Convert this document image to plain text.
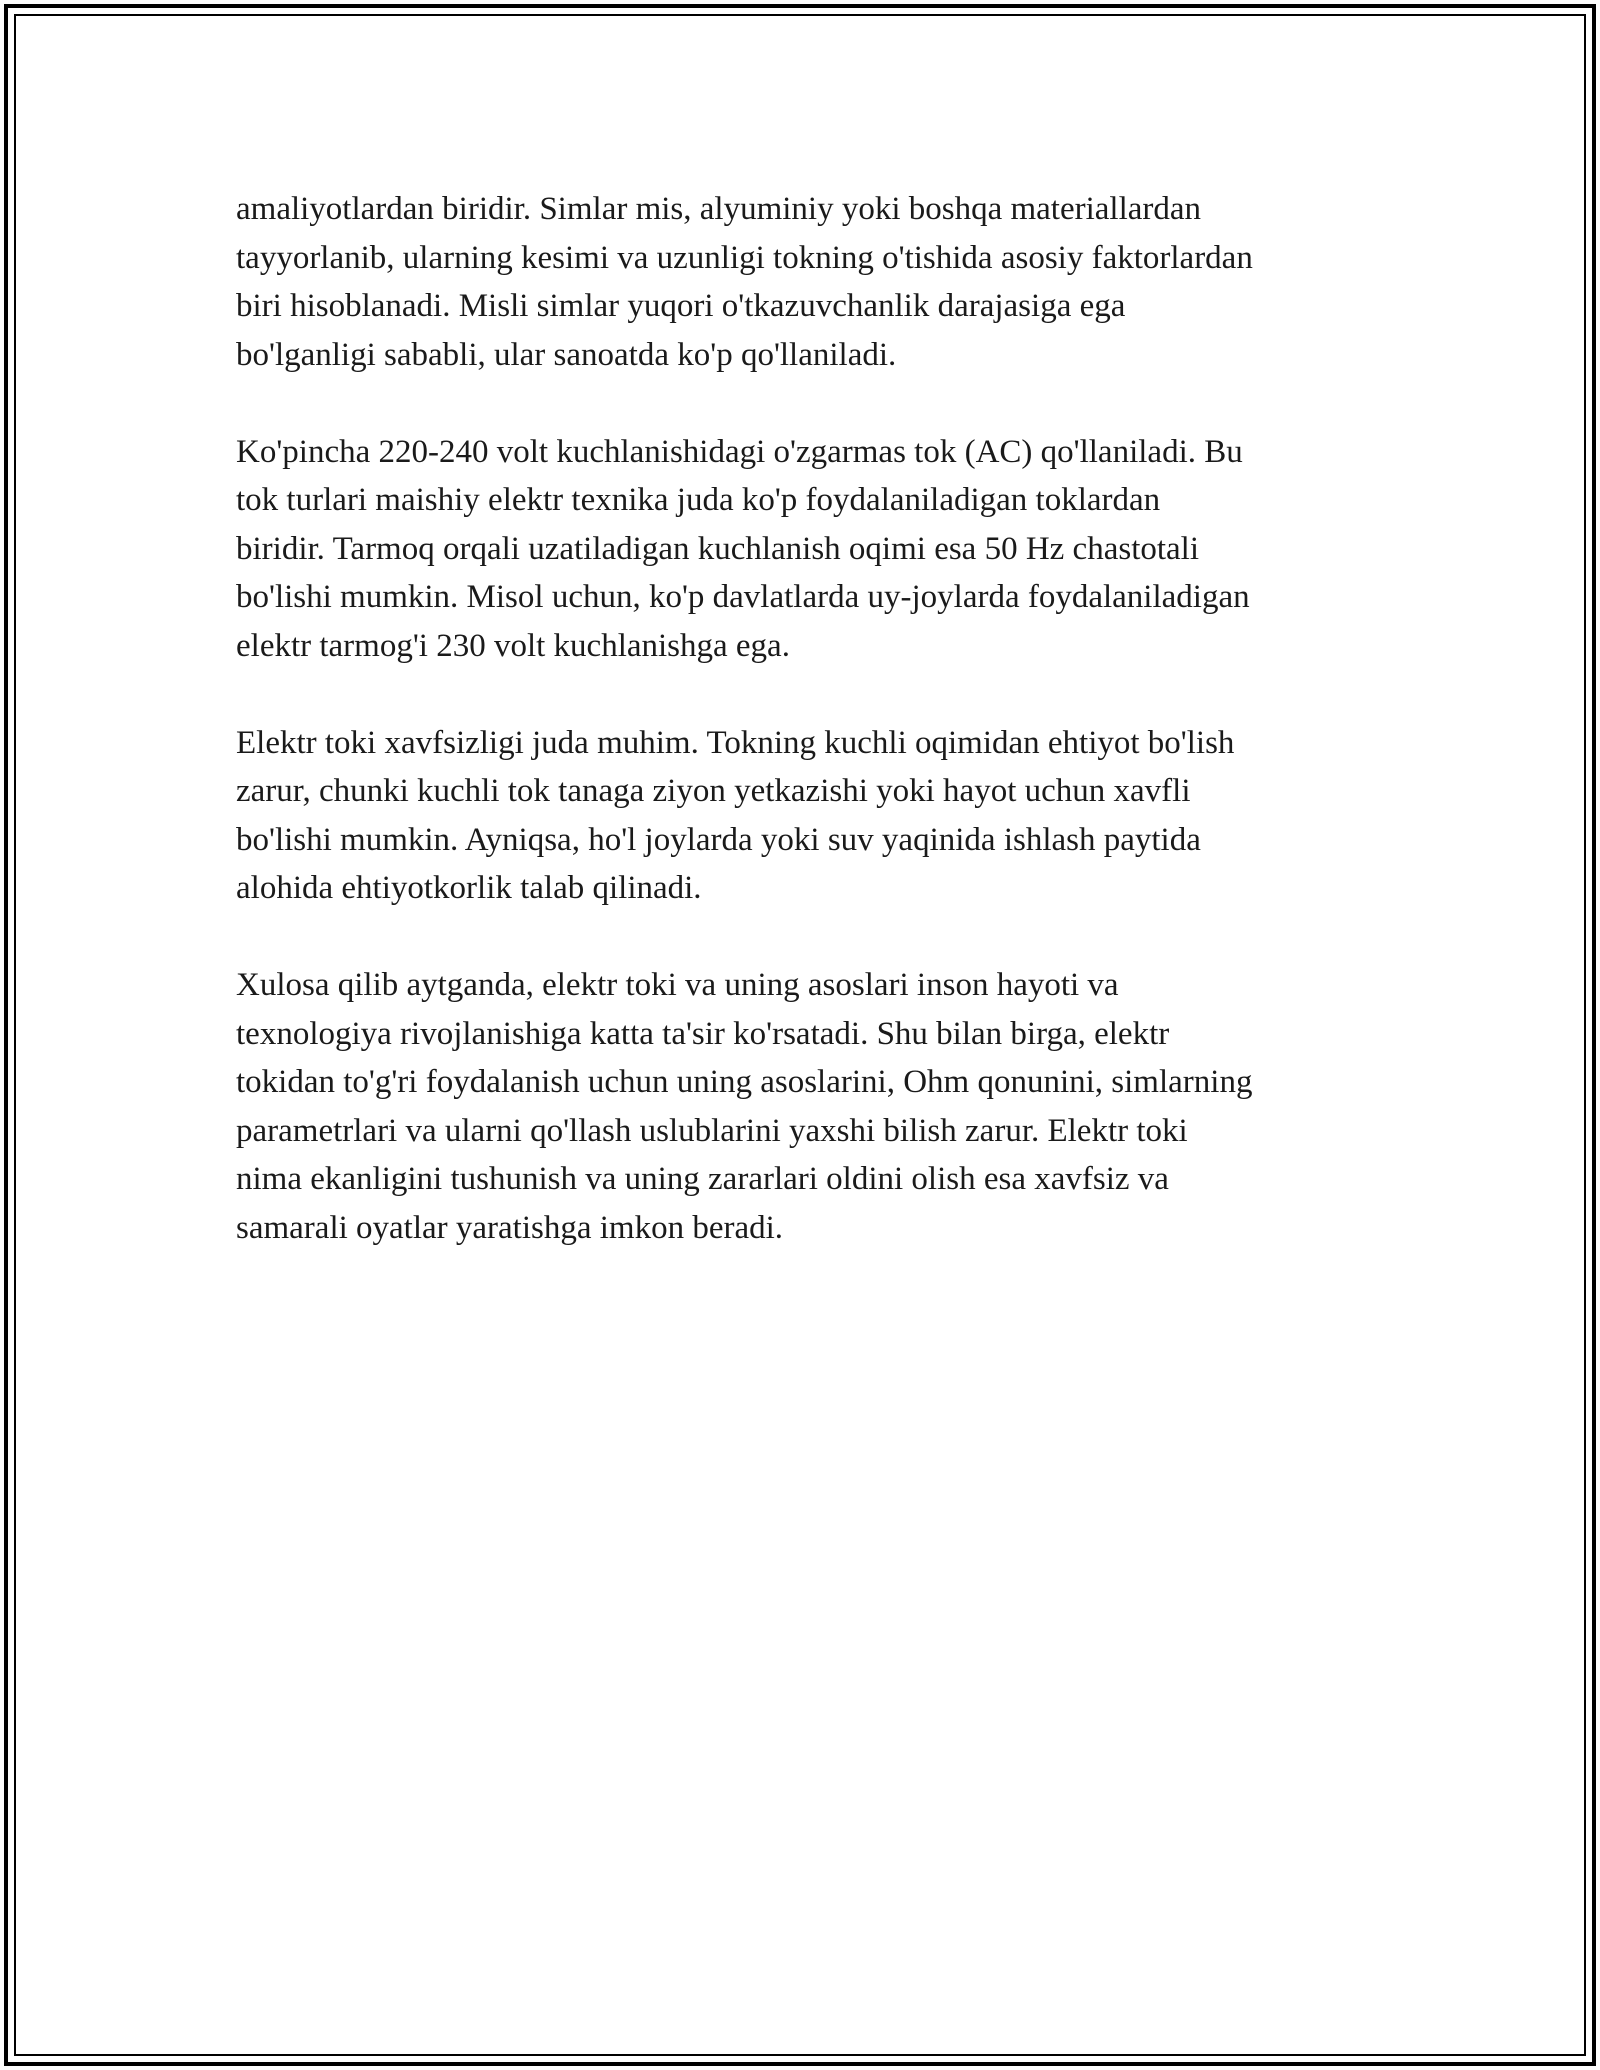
amaliyotlardan biridir. Simlar mis, alyuminiy yoki boshqa materiallardan
tayyorlanib, ularning kesimi va uzunligi tokning o'tishida asosiy faktorlardan
biri hisoblanadi. Misli simlar yuqori o'tkazuvchanlik darajasiga ega
bo'lganligi sababli, ular sanoatda ko'p qo'llaniladi.

Ko'pincha 220-240 volt kuchlanishidagi o'zgarmas tok (AC) qo'llaniladi. Bu
tok turlari maishiy elektr texnika juda ko'p foydalaniladigan toklardan
biridir. Tarmoq orqali uzatiladigan kuchlanish oqimi esa 50 Hz chastotali
bo'lishi mumkin. Misol uchun, ko'p davlatlarda uy-joylarda foydalaniladigan
elektr tarmog'i 230 volt kuchlanishga ega.

Elektr toki xavfsizligi juda muhim. Tokning kuchli oqimidan ehtiyot bo'lish
zarur, chunki kuchli tok tanaga ziyon yetkazishi yoki hayot uchun xavfli
bo'lishi mumkin. Ayniqsa, ho'l joylarda yoki suv yaqinida ishlash paytida
alohida ehtiyotkorlik talab qilinadi.

Xulosa qilib aytganda, elektr toki va uning asoslari inson hayoti va
texnologiya rivojlanishiga katta ta'sir ko'rsatadi. Shu bilan birga, elektr
tokidan to'g'ri foydalanish uchun uning asoslarini, Ohm qonunini, simlarning
parametrlari va ularni qo'llash uslublarini yaxshi bilish zarur. Elektr toki
nima ekanligini tushunish va uning zararlari oldini olish esa xavfsiz va
samarali oyatlar yaratishga imkon beradi.
